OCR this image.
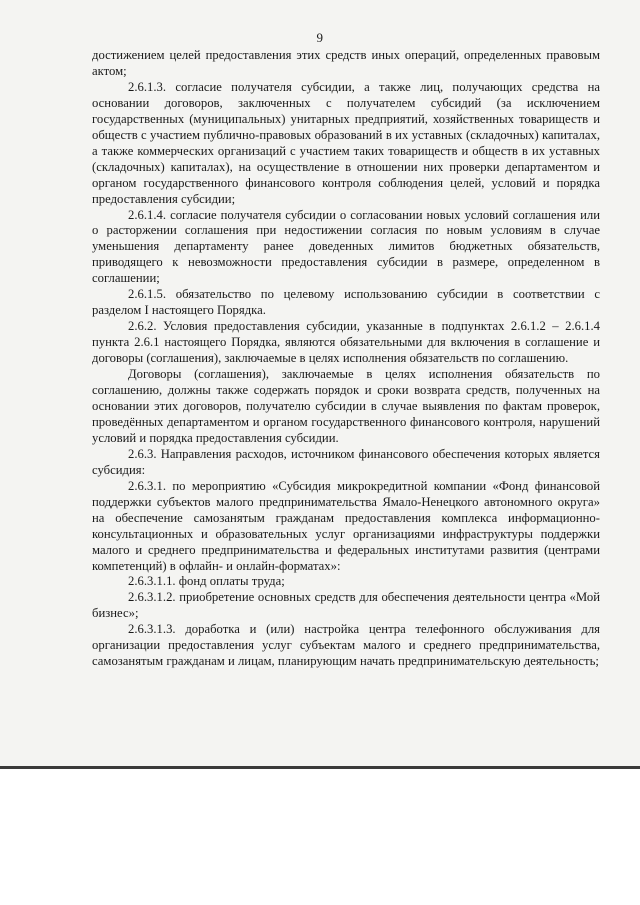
9

достижением целей предоставления этих средств иных операций, определенных правовым актом;

2.6.1.3. согласие получателя субсидии, а также лиц, получающих средства на основании договоров, заключенных с получателем субсидий (за исключением государственных (муниципальных) унитарных предприятий, хозяйственных товариществ и обществ с участием публично-правовых образований в их уставных (складочных) капиталах, а также коммерческих организаций с участием таких товариществ и обществ в их уставных (складочных) капиталах), на осуществление в отношении них проверки департаментом и органом государственного финансового контроля соблюдения целей, условий и порядка предоставления субсидии;

2.6.1.4. согласие получателя субсидии о согласовании новых условий соглашения или о расторжении соглашения при недостижении согласия по новым условиям в случае уменьшения департаменту ранее доведенных лимитов бюджетных обязательств, приводящего к невозможности предоставления субсидии в размере, определенном в соглашении;

2.6.1.5. обязательство по целевому использованию субсидии в соответствии с разделом I настоящего Порядка.

2.6.2. Условия предоставления субсидии, указанные в подпунктах 2.6.1.2 – 2.6.1.4 пункта 2.6.1 настоящего Порядка, являются обязательными для включения в соглашение и договоры (соглашения), заключаемые в целях исполнения обязательств по соглашению.

Договоры (соглашения), заключаемые в целях исполнения обязательств по соглашению, должны также содержать порядок и сроки возврата средств, полученных на основании этих договоров, получателю субсидии в случае выявления по фактам проверок, проведённых департаментом и органом государственного финансового контроля, нарушений условий и порядка предоставления субсидии.

2.6.3. Направления расходов, источником финансового обеспечения которых является субсидия:

2.6.3.1. по мероприятию «Субсидия микрокредитной компании «Фонд финансовой поддержки субъектов малого предпринимательства Ямало-Ненецкого автономного округа» на обеспечение самозанятым гражданам предоставления комплекса информационно-консультационных и образовательных услуг организациями инфраструктуры поддержки малого и среднего предпринимательства и федеральных институтами развития (центрами компетенций) в офлайн- и онлайн-форматах»:

2.6.3.1.1. фонд оплаты труда;

2.6.3.1.2. приобретение основных средств для обеспечения деятельности центра «Мой бизнес»;

2.6.3.1.3. доработка и (или) настройка центра телефонного обслуживания для организации предоставления услуг субъектам малого и среднего предпринимательства, самозанятым гражданам и лицам, планирующим начать предпринимательскую деятельность;
